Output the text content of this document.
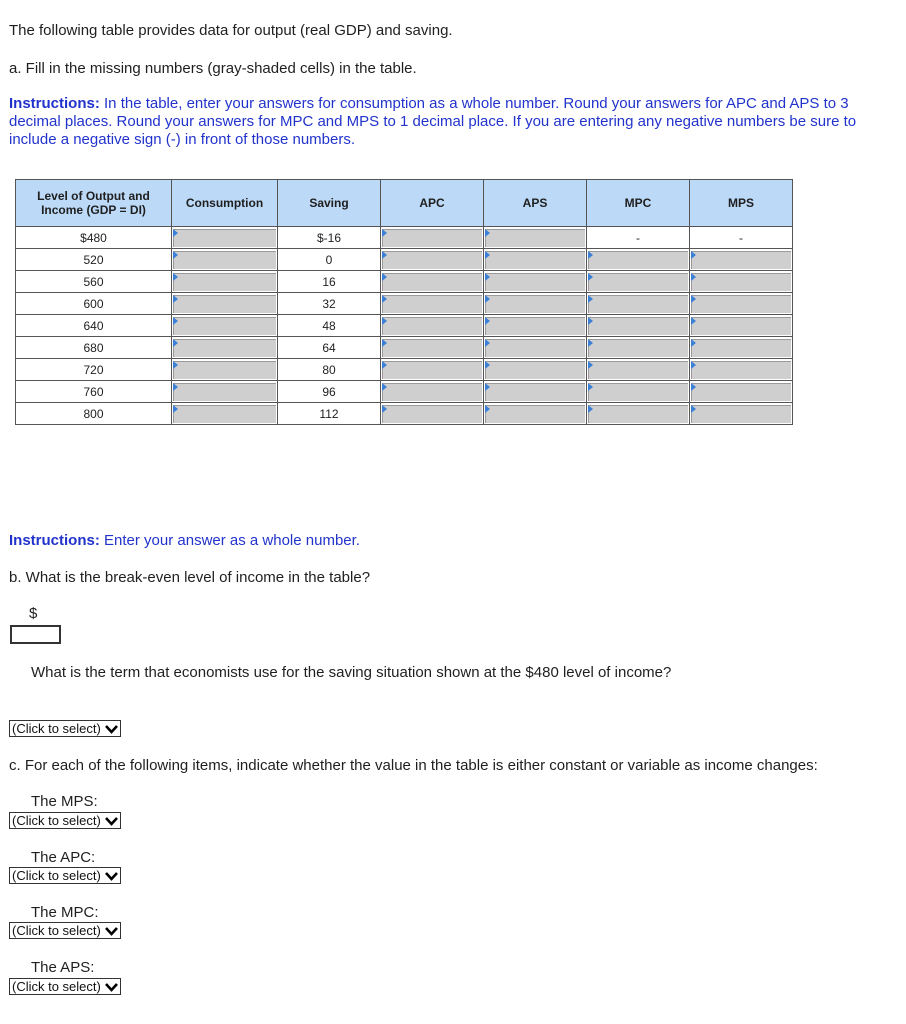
The following table provides data for output (real GDP) and saving.
a. Fill in the missing numbers (gray-shaded cells) in the table.
Instructions: In the table, enter your answers for consumption as a whole number. Round your answers for APC and APS to 3 decimal places. Round your answers for MPC and MPS to 1 decimal place. If you are entering any negative numbers be sure to include a negative sign (-) in front of those numbers.
Level of Output and Income (GDP = DI)	Consumption	Saving	APC	APS	MPC	MPS
$480		$-16			-	-
520		0	

560		16	

600		32	

640		48	

680		64	

720		80	

760		96	

800		112	

Instructions: Enter your answer as a whole number.
b. What is the break-even level of income in the table?
$
What is the term that economists use for the saving situation shown at the $480 level of income?
(Click to select)
c. For each of the following items, indicate whether the value in the table is either constant or variable as income changes:
The MPS:
(Click to select)
The APC:
(Click to select)
The MPC:
(Click to select)
The APS:
(Click to select)
